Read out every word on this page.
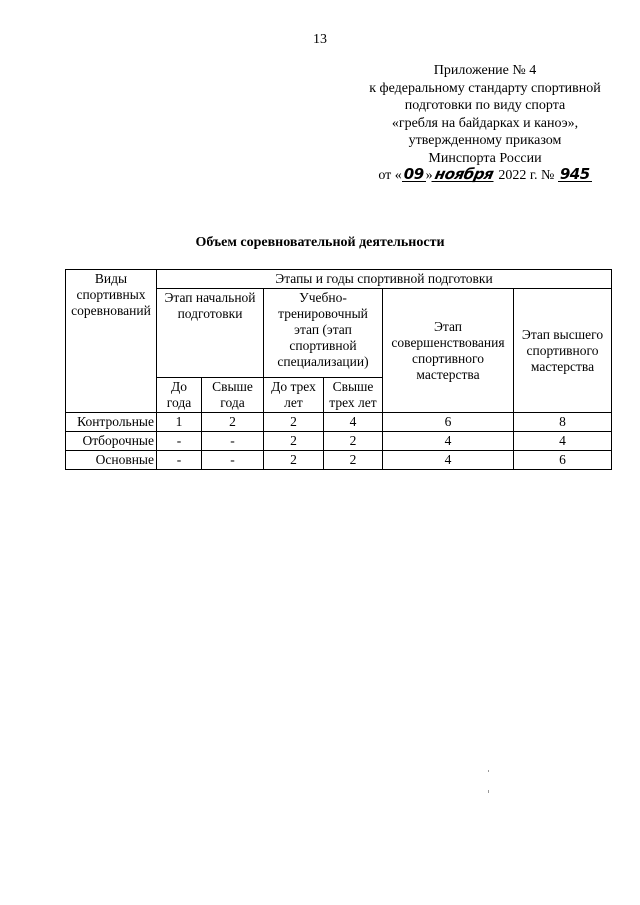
13
Приложение № 4
к федеральному стандарту спортивной
подготовки по виду спорта
«гребля на байдарках и каноэ»,
утвержденному приказом
Минспорта России
от « 09 »ноября 2022 г. № 945
Объем соревновательной деятельности
Виды спортивных соревнований	Этапы и годы спортивной подготовки					
	Этап начальной подготовки		Учебно-тренировочный этап (этап спортивной специализации)		Этап совершенствования спортивного мастерства	Этап высшего спортивного мастерства
	До года	Свыше года	До трех лет	Свыше трех лет		
Контрольные	1	2	2	4	6	8
Отборочные	-	-	2	2	4	4
Основные	-	-	2	2	4	6
